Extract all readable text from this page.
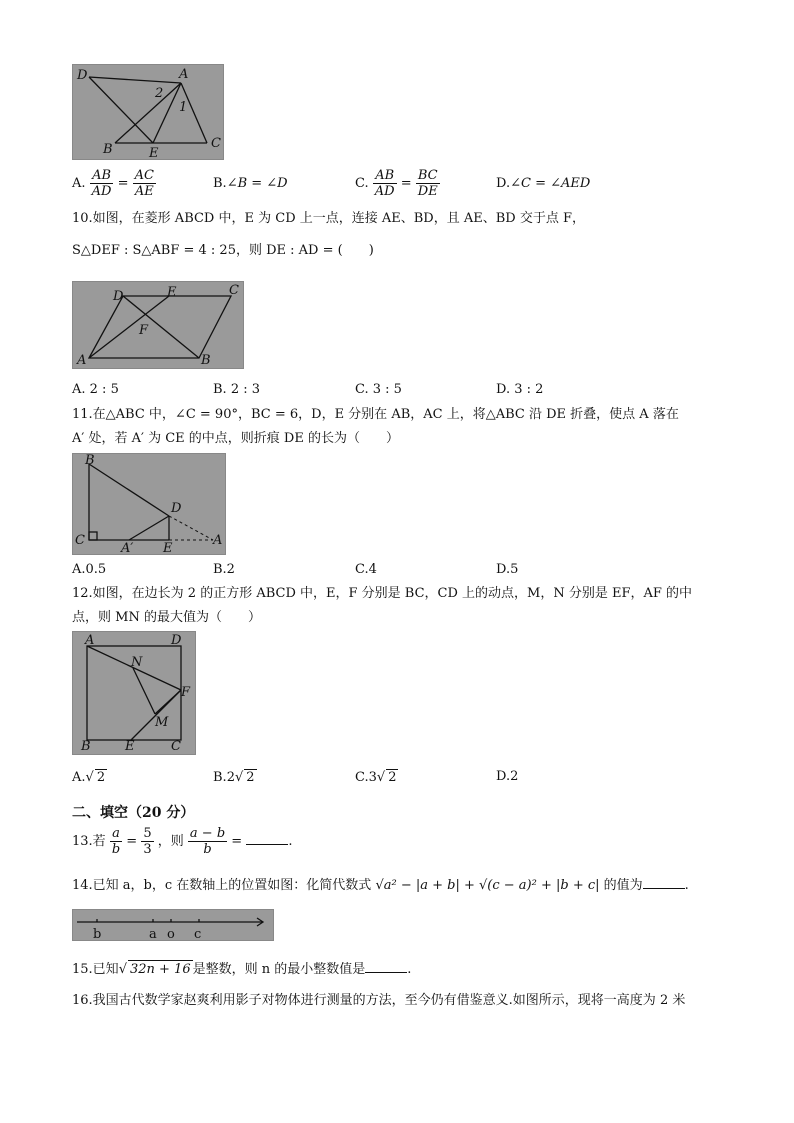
D	A
2
1
B	E
C
A. $\frac{AB}{AD} = \frac{AC}{AE}$	B.∠B = ∠D	C. $\frac{AB}{AD} = \frac{BC}{DE}$	D.∠C = ∠AED
10.如图，在菱形 ABCD 中，E 为 CD 上一点，连接 AE、BD，且 AE、BD 交于点 F，
S△DEF : S△ABF = 4 : 25，则 DE : AD = (　　)
D	E	C
F
A	B
A. 2 : 5	B. 2 : 3	C. 3 : 5	D. 3 : 2
11.在△ABC 中，∠C = 90°，BC = 6，D，E 分别在 AB，AC 上，将△ABC 沿 DE 折叠，使点 A 落在
A′ 处，若 A′ 为 CE 的中点，则折痕 DE 的长为（　　）
B
D
C
A′ E
A
A.0.5	B.2	C.4	D.5
12.如图，在边长为 2 的正方形 ABCD 中，E，F 分别是 BC，CD 上的动点，M，N 分别是 EF，AF 的中
点，则 MN 的最大值为（　　）
A	D
N
F
M
B	E	C
A.√ 2	B.2√ 2	C.3√ 2	D.2
二、填空（20 分）
13.若 $\frac{a}{b} = \frac{5}{3}$ ，则 $\frac{a - b}{b}$ =	.
14.已知 a，b，c 在数轴上的位置如图：化简代数式 √a² − |a + b| + √(c − a)² + |b + c| 的值为	.
b	a o c
15.已知√ 32n + 16 是整数，则 n 的最小整数值是	.
16.我国古代数学家赵爽利用影子对物体进行测量的方法，至今仍有借鉴意义.如图所示，现将一高度为 2 米
